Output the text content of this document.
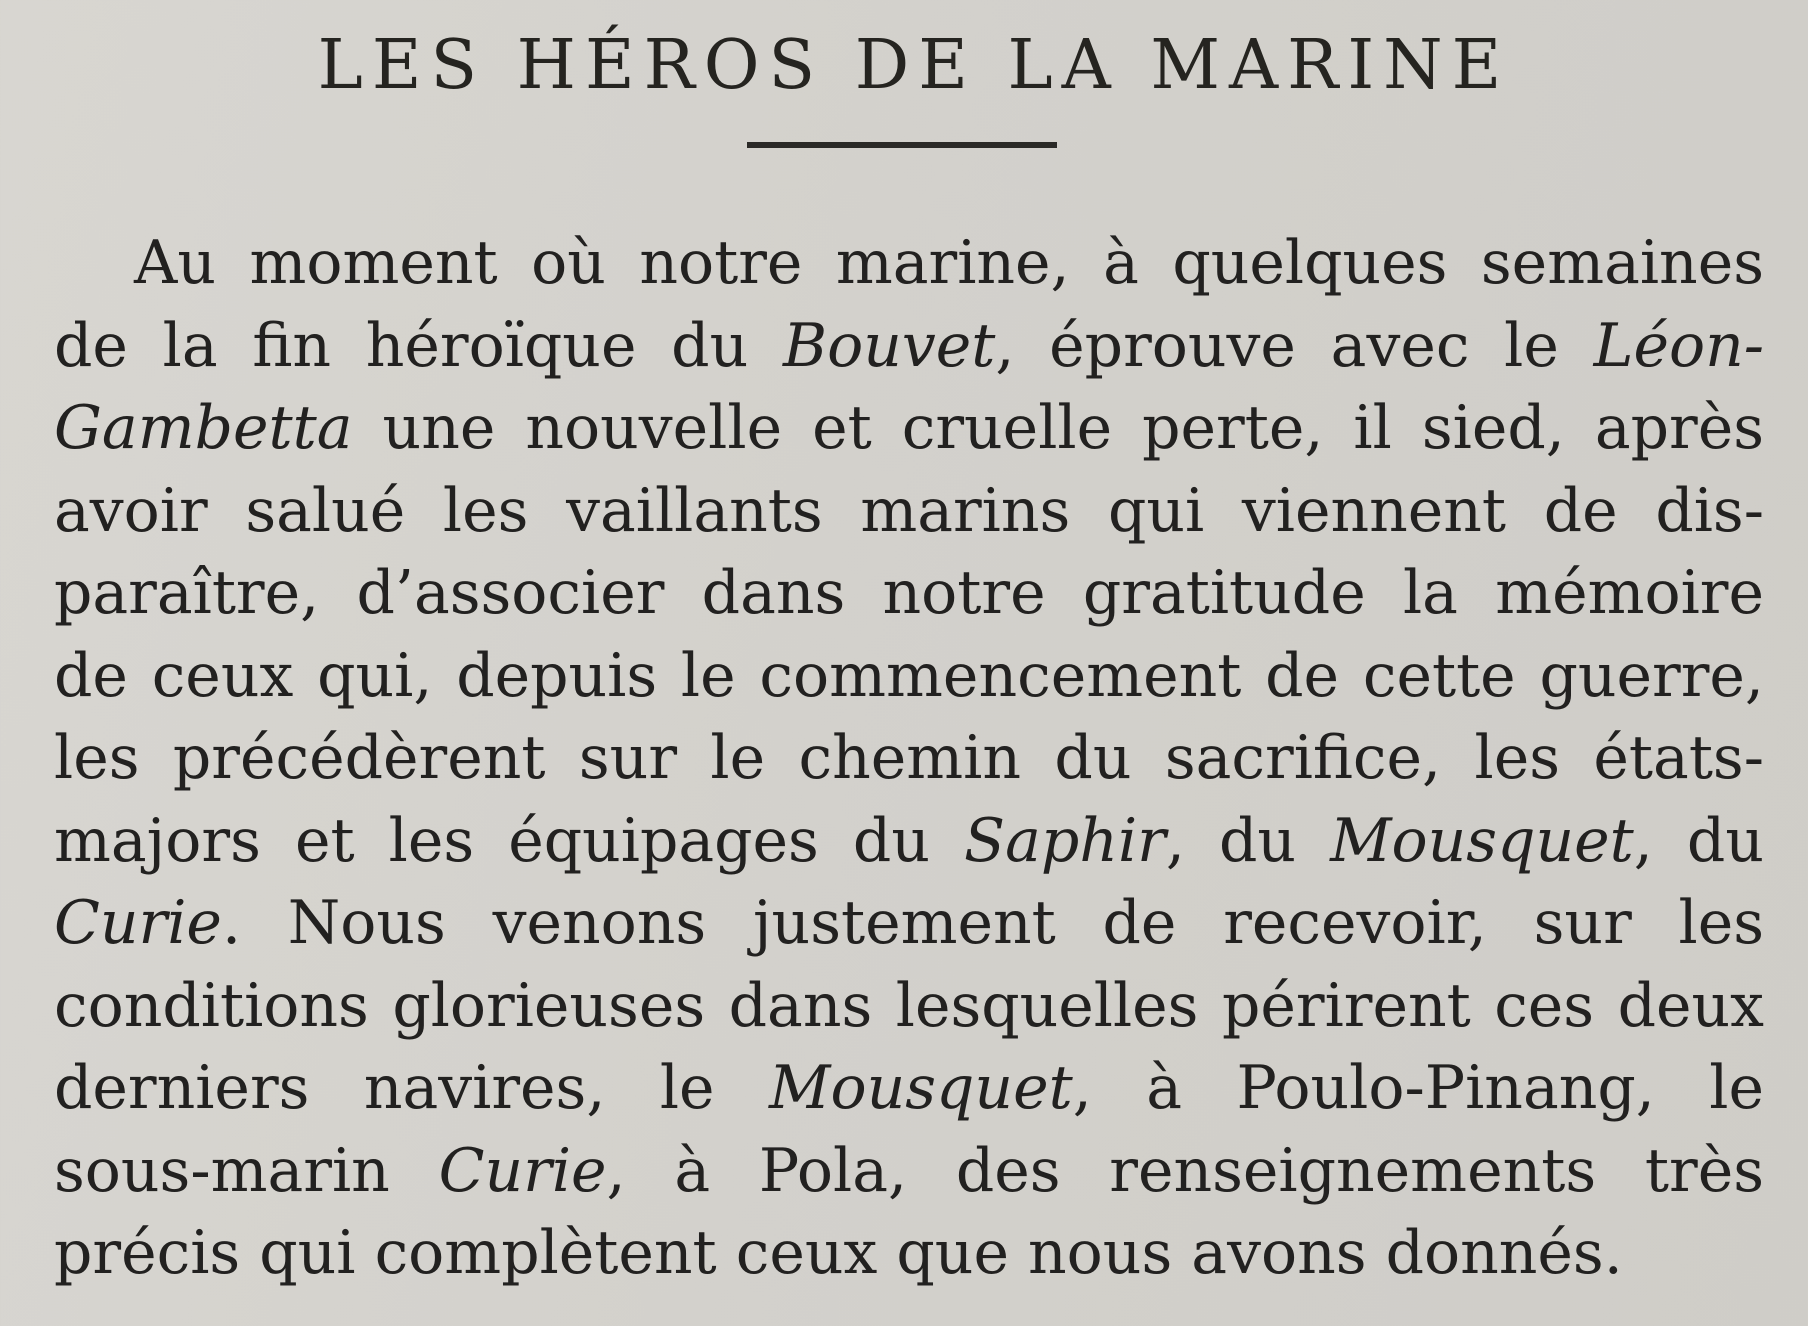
LES HÉROS DE LA MARINE
Au moment où notre marine, à quelques semaines
de la fin héroïque du Bouvet, éprouve avec le Léon-
Gambetta une nouvelle et cruelle perte, il sied, après
avoir salué les vaillants marins qui viennent de dis-
paraître, d’associer dans notre gratitude la mémoire
de ceux qui, depuis le commencement de cette guerre,
les précédèrent sur le chemin du sacrifice, les états-
majors et les équipages du Saphir, du Mousquet, du
Curie. Nous venons justement de recevoir, sur les
conditions glorieuses dans lesquelles périrent ces deux
derniers navires, le Mousquet, à Poulo-Pinang, le
sous-marin Curie, à Pola, des renseignements très
précis qui complètent ceux que nous avons donnés.
